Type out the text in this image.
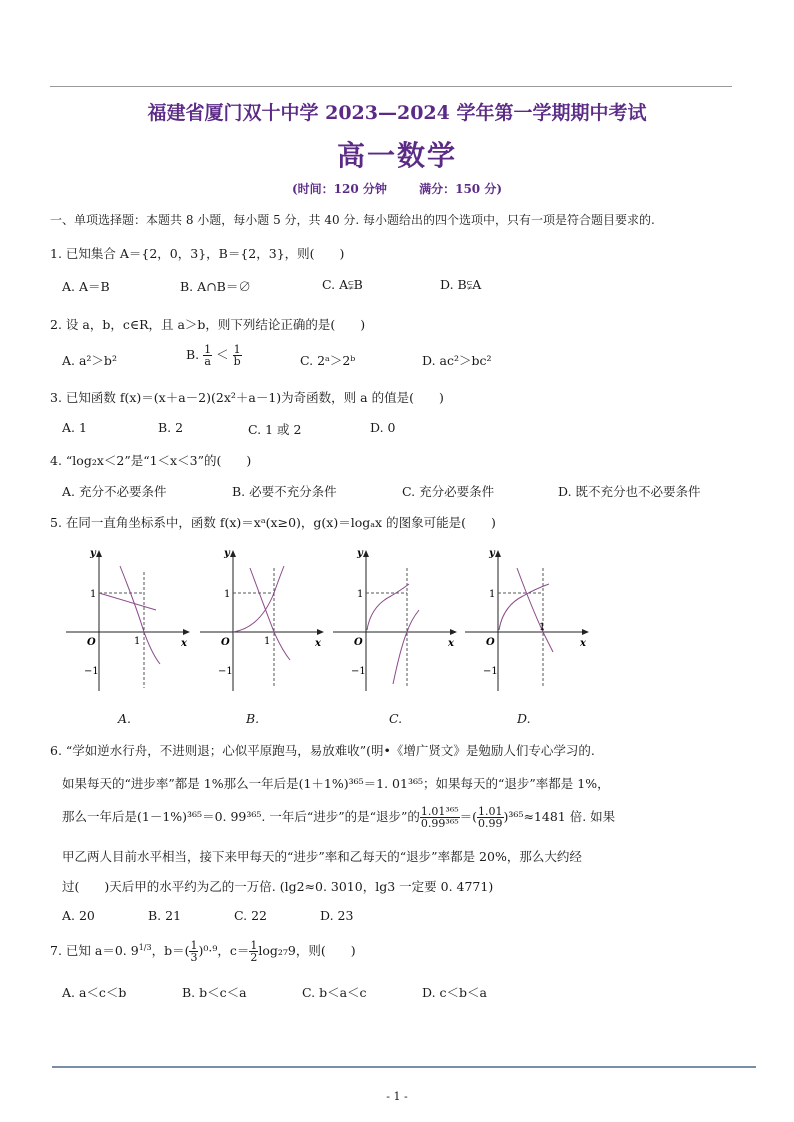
福建省厦门双十中学 2023—2024 学年第一学期期中考试
高一数学
(时间：120 分钟	满分：150 分)
一、单项选择题：本题共 8 小题，每小题 5 分，共 40 分. 每小题给出的四个选项中，只有一项是符合题目要求的.
1. 已知集合 A＝{2，0，3}，B＝{2，3}，则(　　)
A. A＝B	B. A∩B＝∅	C. A⫋B	D. B⫋A
2. 设 a，b，c∈R，且 a＞b，则下列结论正确的是(　　)
A. a²＞b²	B. $\frac{1}{a} < \frac{1}{b}$	C. 2ᵃ＞2ᵇ	D. ac²＞bc²
3. 已知函数 f(x)＝(x＋a－2)(2x²＋a－1)为奇函数，则 a 的值是(　　)
A. 1	B. 2	C. 1 或 2	D. 0
4. “log₂x＜2”是“1＜x＜3”的(　　)
A. 充分不必要条件	B. 必要不充分条件	C. 充分必要条件	D. 既不充分也不必要条件
5. 在同一直角坐标系中，函数 f(x)＝xᵃ(x≥0)，g(x)＝logₐx 的图象可能是(　　)
y
x
O
1
1
−1
y
x
O
1
1
−1
y
x
O
1
−1
y
x
O
1
1
−1
A.	B.	C.	D.
6. “学如逆水行舟，不进则退；心似平原跑马，易放难收”(明•《增广贤文》是勉励人们专心学习的.
如果每天的“进步率”都是 1%那么一年后是(1＋1%)³⁶⁵＝1. 01³⁶⁵；如果每天的“退步”率都是 1%，
那么一年后是(1－1%)³⁶⁵＝0. 99³⁶⁵. 一年后“进步”的是“退步”的 $\frac{\text{1.01³⁶⁵}}{\text{0.99³⁶⁵}}$ ＝( $\frac{1.01}{0.99} )^{365}\approx 1481$ 倍. 如果
甲乙两人目前水平相当，接下来甲每天的“进步”率和乙每天的“退步”率都是 20%，那么大约经
过(　　)天后甲的水平约为乙的一万倍. (lg2≈0. 3010，lg3 一定要 0. 4771)
A. 20	B. 21	C. 22	D. 23
7. 已知 a＝0. $9^{1/3}$，$b=( \frac{1}{3} )^0\cdot^9$，$c= \frac{1}{2} \log_{27}9$，则(　　)
A. a＜c＜b	B. b＜c＜a	C. b＜a＜c	D. c＜b＜a
- 1 -
